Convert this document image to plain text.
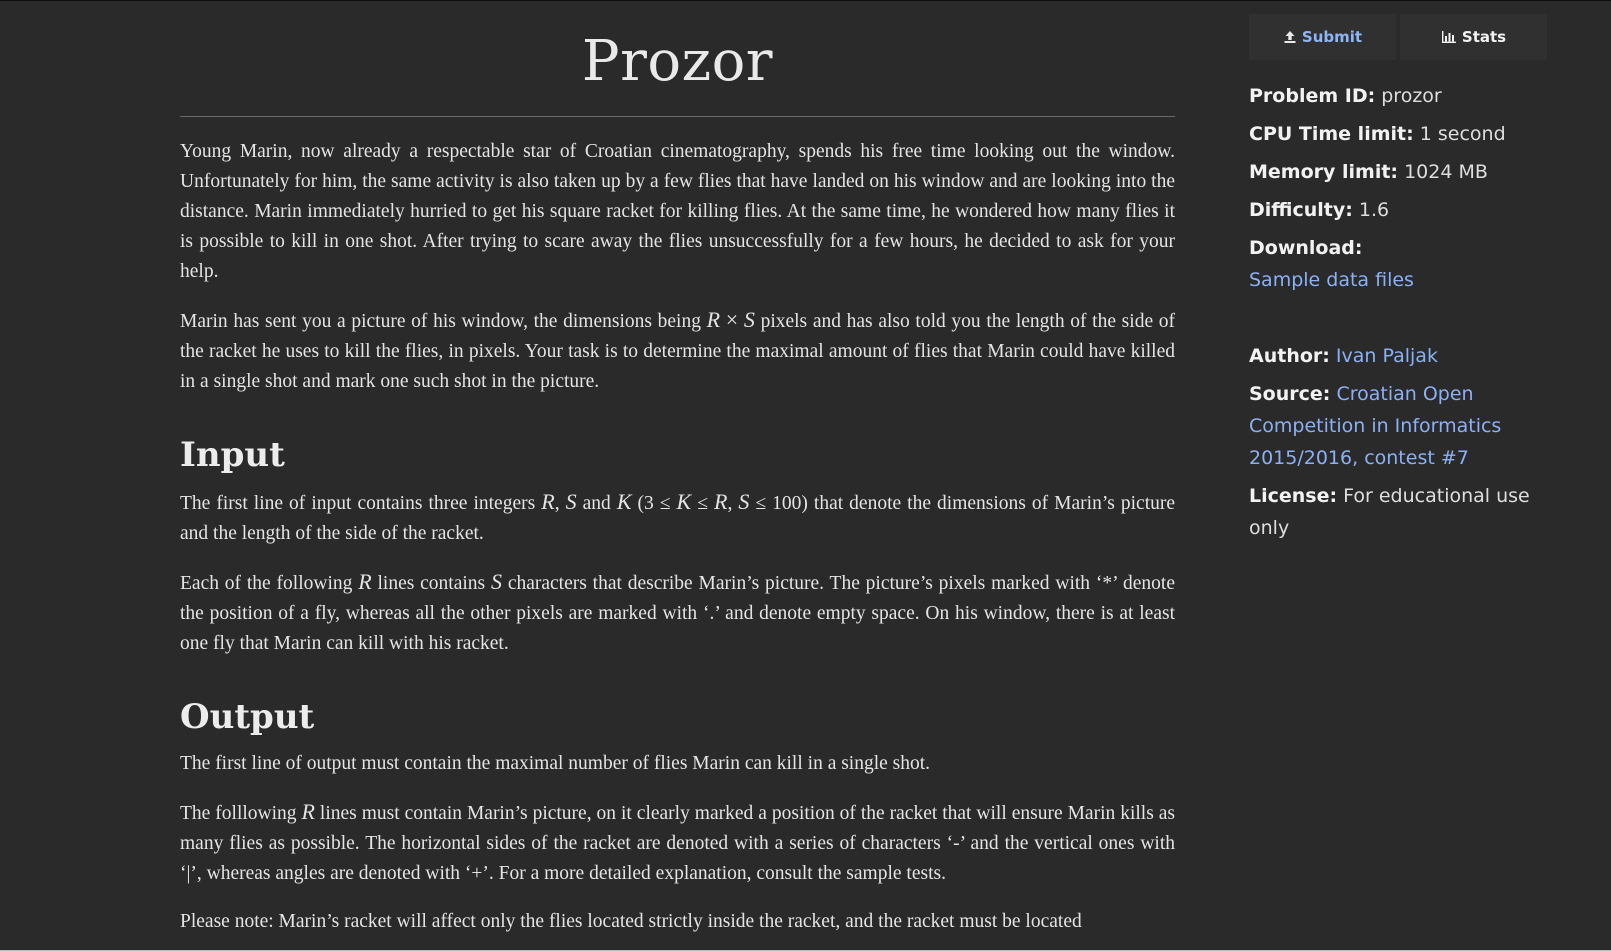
Prozor

Young Marin, now already a respectable star of Croatian cinematography, spends his free time looking out the window. Unfortunately for him, the same activity is also taken up by a few flies that have landed on his window and are looking into the distance. Marin immediately hurried to get his square racket for killing flies. At the same time, he wondered how many flies it is possible to kill in one shot. After trying to scare away the flies unsuccessfully for a few hours, he decided to ask for your help.

Marin has sent you a picture of his window, the dimensions being R × S pixels and has also told you the length of the side of the racket he uses to kill the flies, in pixels. Your task is to determine the maximal amount of flies that Marin could have killed in a single shot and mark one such shot in the picture.

Input

The first line of input contains three integers R, S and K (3 ≤ K ≤ R, S ≤ 100) that denote the dimensions of Marin’s picture and the length of the side of the racket.

Each of the following R lines contains S characters that describe Marin’s picture. The picture’s pixels marked with ‘*’ denote the position of a fly, whereas all the other pixels are marked with ‘.’ and denote empty space. On his window, there is at least one fly that Marin can kill with his racket.

Output

The first line of output must contain the maximal number of flies Marin can kill in a single shot.

The folllowing R lines must contain Marin’s picture, on it clearly marked a position of the racket that will ensure Marin kills as many flies as possible. The horizontal sides of the racket are denoted with a series of characters ‘-’ and the vertical ones with ‘|’, whereas angles are denoted with ‘+’. For a more detailed explanation, consult the sample tests.

Please note: Marin’s racket will affect only the flies located strictly inside the racket, and the racket must be located

Submit	Stats
Problem ID: prozor
CPU Time limit: 1 second
Memory limit: 1024 MB
Difficulty: 1.6
Download:
Sample data files
Author: Ivan Paljak
Source: Croatian Open Competition in Informatics 2015/2016, contest #7
License: For educational use only
